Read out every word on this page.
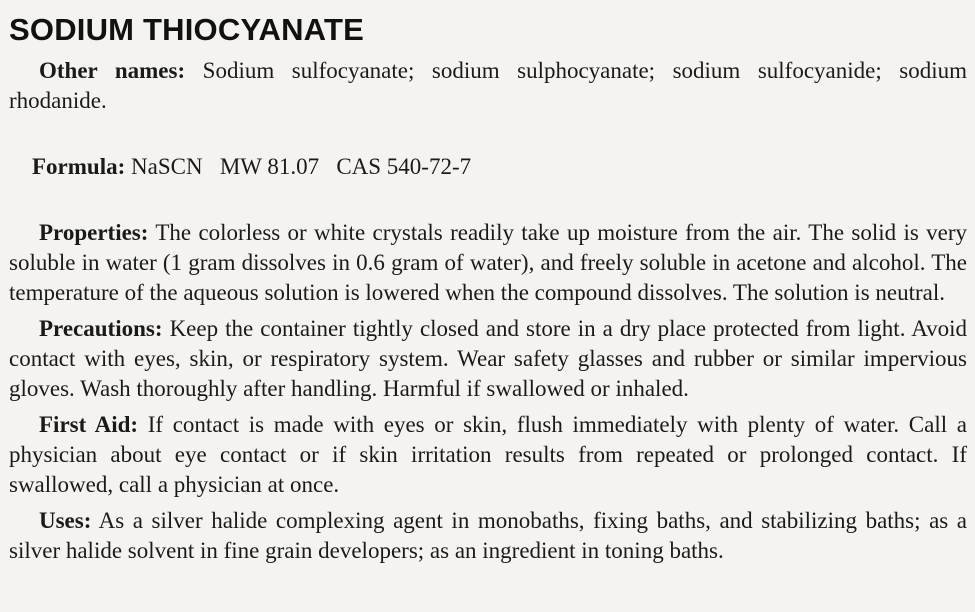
SODIUM THIOCYANATE

Other names: Sodium sulfocyanate; sodium sulphocyanate; sodium sulfocyanide; sodium rhodanide.

Formula: NaSCN   MW 81.07   CAS 540-72-7

Properties: The colorless or white crystals readily take up moisture from the air. The solid is very soluble in water (1 gram dissolves in 0.6 gram of water), and freely soluble in acetone and alcohol. The temperature of the aqueous solution is lowered when the compound dissolves. The solution is neutral.

Precautions: Keep the container tightly closed and store in a dry place protected from light. Avoid contact with eyes, skin, or respiratory system. Wear safety glasses and rubber or similar impervious gloves. Wash thoroughly after handling. Harmful if swallowed or inhaled.

First Aid: If contact is made with eyes or skin, flush immediately with plenty of water. Call a physician about eye contact or if skin irritation results from repeated or prolonged contact. If swallowed, call a physician at once.

Uses: As a silver halide complexing agent in monobaths, fixing baths, and stabilizing baths; as a silver halide solvent in fine grain developers; as an ingredient in toning baths.
